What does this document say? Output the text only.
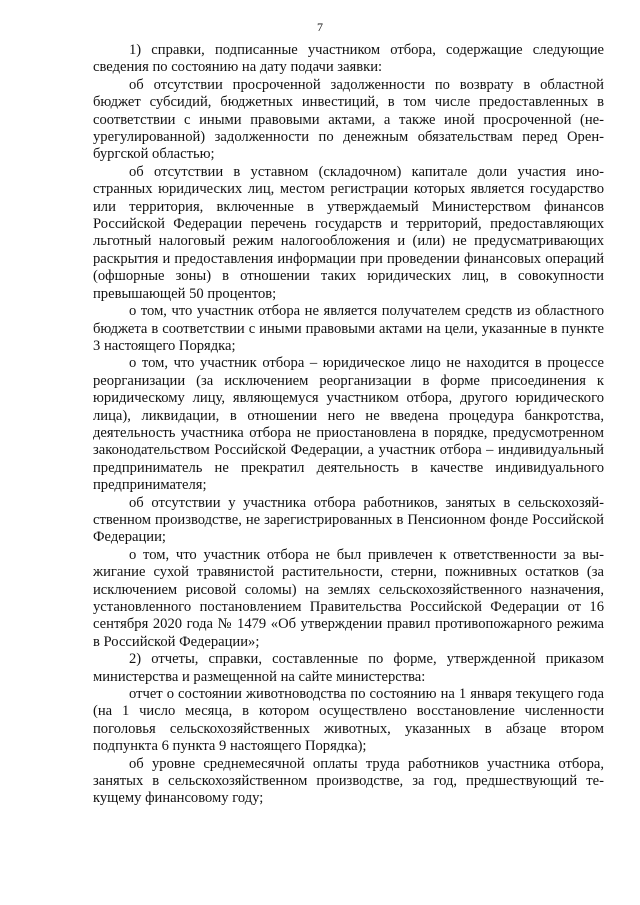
7

1) справки, подписанные участником отбора, содержащие следующие сведения по состоянию на дату подачи заявки:

об отсутствии просроченной задолженности по возврату в областной бюджет субсидий, бюджетных инвестиций, в том числе предоставленных в соответствии с иными правовыми актами, а также иной просроченной (неурегулированной) задолженности по денежным обязательствам перед Оренбургской областью;

об отсутствии в уставном (складочном) капитале доли участия иностранных юридических лиц, местом регистрации которых является государство или территория, включенные в утверждаемый Министерством финансов Российской Федерации перечень государств и территорий, предоставляющих льготный налоговый режим налогообложения и (или) не предусматривающих раскрытия и предоставления информации при проведении финансовых операций (офшорные зоны) в отношении таких юридических лиц, в совокупности превышающей 50 процентов;

о том, что участник отбора не является получателем средств из областного бюджета в соответствии с иными правовыми актами на цели, указанные в пункте 3 настоящего Порядка;

о том, что участник отбора – юридическое лицо не находится в процессе реорганизации (за исключением реорганизации в форме присоединения к юридическому лицу, являющемуся участником отбора, другого юридического лица), ликвидации, в отношении него не введена процедура банкротства, деятельность участника отбора не приостановлена в порядке, предусмотренном законодательством Российской Федерации, а участник отбора – индивидуальный предприниматель не прекратил деятельность в качестве индивидуального предпринимателя;

об отсутствии у участника отбора работников, занятых в сельскохозяйственном производстве, не зарегистрированных в Пенсионном фонде Российской Федерации;

о том, что участник отбора не был привлечен к ответственности за выжигание сухой травянистой растительности, стерни, пожнивных остатков (за исключением рисовой соломы) на землях сельскохозяйственного назначения, установленного постановлением Правительства Российской Федерации от 16 сентября 2020 года № 1479 «Об утверждении правил противопожарного режима в Российской Федерации»;

2) отчеты, справки, составленные по форме, утвержденной приказом министерства и размещенной на сайте министерства:

отчет о состоянии животноводства по состоянию на 1 января текущего года (на 1 число месяца, в котором осуществлено восстановление численности поголовья сельскохозяйственных животных, указанных в абзаце втором подпункта 6 пункта 9 настоящего Порядка);

об уровне среднемесячной оплаты труда работников участника отбора, занятых в сельскохозяйственном производстве, за год, предшествующий текущему финансовому году;
